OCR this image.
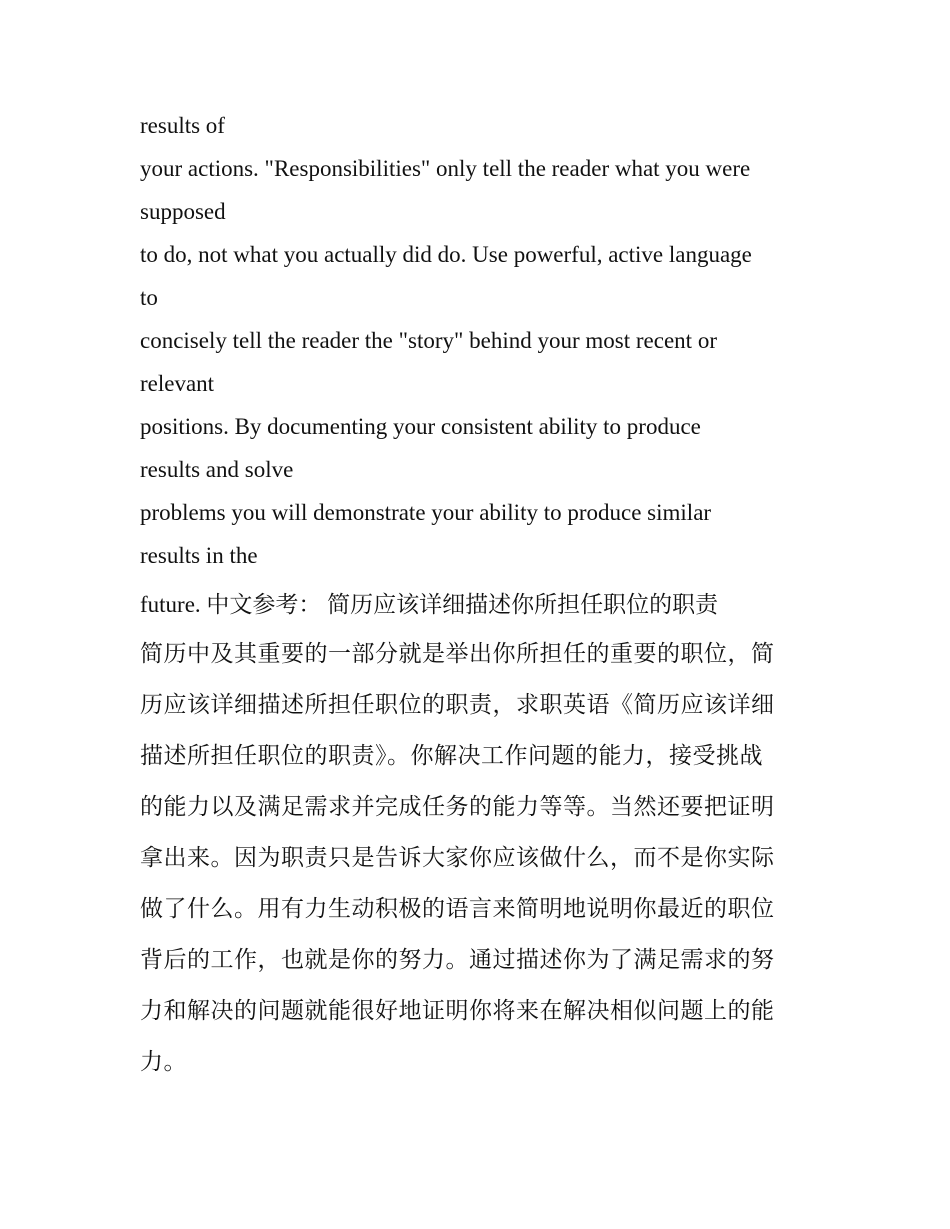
results of
your actions. "Responsibilities" only tell the reader what you were
supposed
to do, not what you actually did do. Use powerful, active language
to
concisely tell the reader the "story" behind your most recent or
relevant
positions. By documenting your consistent ability to produce
results and solve
problems you will demonstrate your ability to produce similar
results in the
future. 中文参考： 简历应该详细描述你所担任职位的职责
简历中及其重要的一部分就是举出你所担任的重要的职位，简
历应该详细描述所担任职位的职责，求职英语《简历应该详细
描述所担任职位的职责》。你解决工作问题的能力，接受挑战
的能力以及满足需求并完成任务的能力等等。当然还要把证明
拿出来。因为职责只是告诉大家你应该做什么，而不是你实际
做了什么。用有力生动积极的语言来简明地说明你最近的职位
背后的工作，也就是你的努力。通过描述你为了满足需求的努
力和解决的问题就能很好地证明你将来在解决相似问题上的能
力。
